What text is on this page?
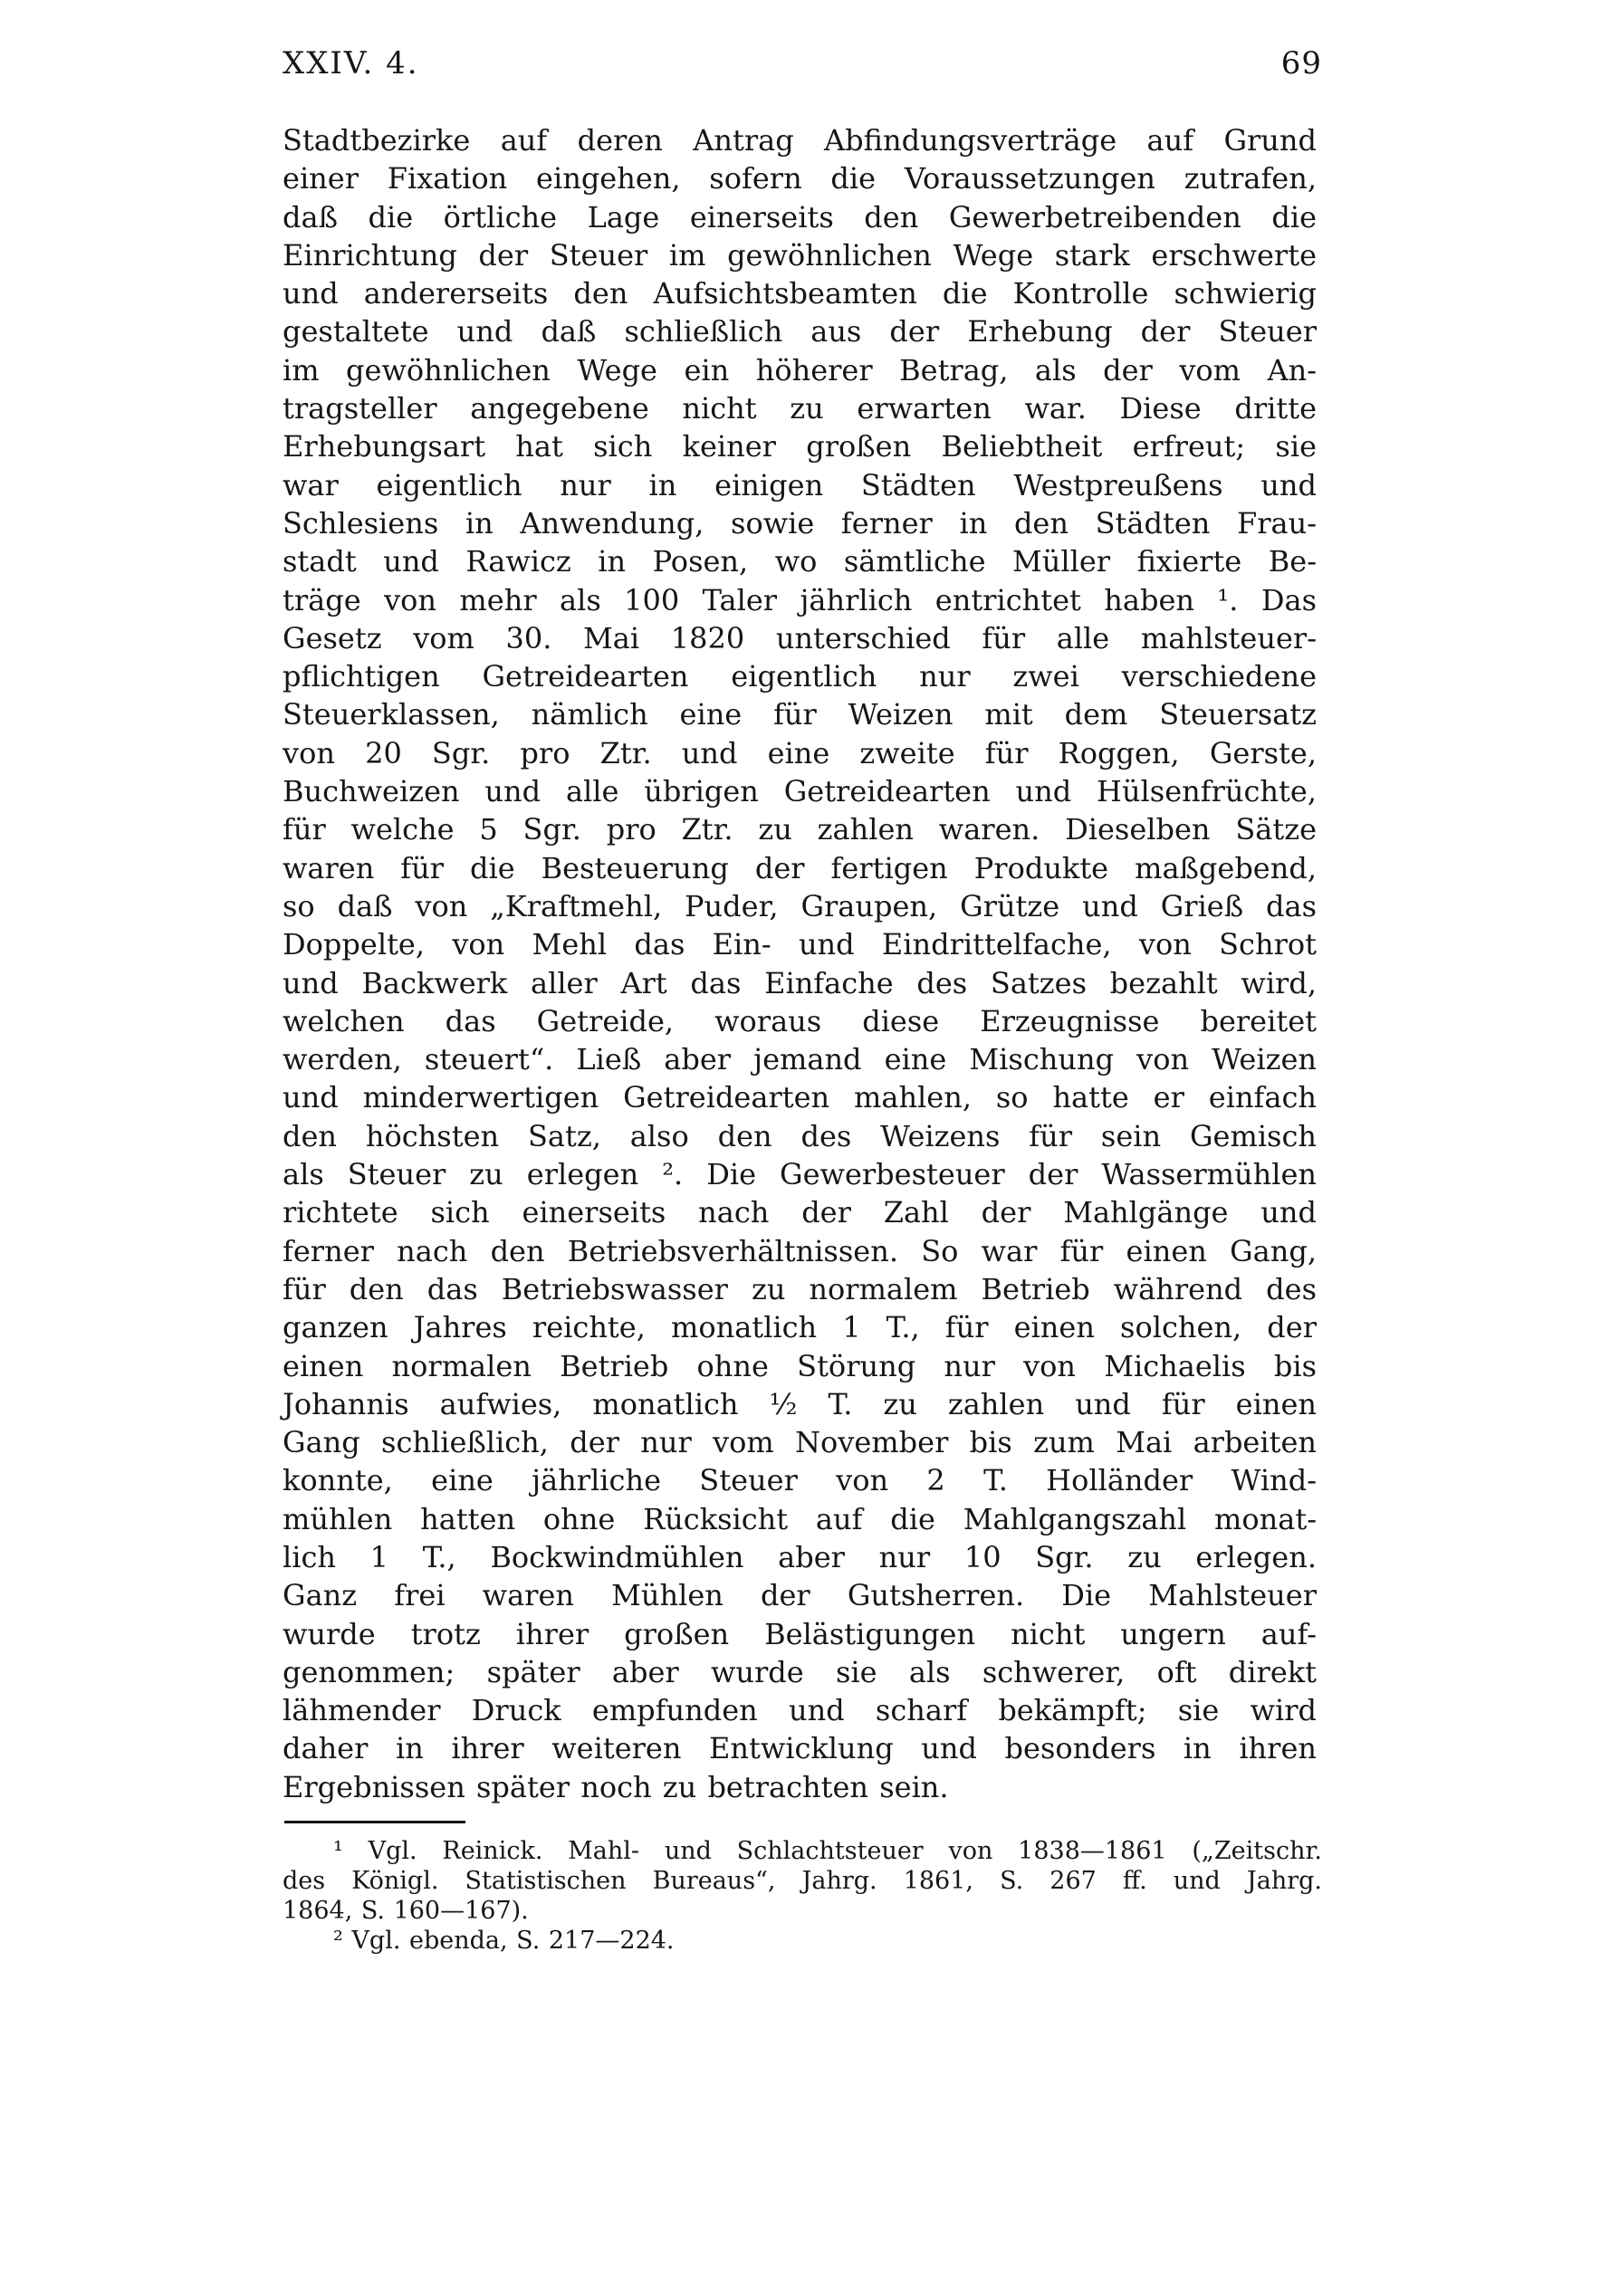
XXIV. 4.	69
Stadtbezirke auf deren Antrag Abfindungsverträge auf Grund
einer Fixation eingehen, sofern die Voraussetzungen zutrafen,
daß die örtliche Lage einerseits den Gewerbetreibenden die
Einrichtung der Steuer im gewöhnlichen Wege stark erschwerte
und andererseits den Aufsichtsbeamten die Kontrolle schwierig
gestaltete und daß schließlich aus der Erhebung der Steuer
im gewöhnlichen Wege ein höherer Betrag, als der vom An-
tragsteller angegebene nicht zu erwarten war. Diese dritte
Erhebungsart hat sich keiner großen Beliebtheit erfreut; sie
war eigentlich nur in einigen Städten Westpreußens und
Schlesiens in Anwendung, sowie ferner in den Städten Frau-
stadt und Rawicz in Posen, wo sämtliche Müller fixierte Be-
träge von mehr als 100 Taler jährlich entrichtet haben ¹. Das
Gesetz vom 30. Mai 1820 unterschied für alle mahlsteuer-
pflichtigen Getreidearten eigentlich nur zwei verschiedene
Steuerklassen, nämlich eine für Weizen mit dem Steuersatz
von 20 Sgr. pro Ztr. und eine zweite für Roggen, Gerste,
Buchweizen und alle übrigen Getreidearten und Hülsenfrüchte,
für welche 5 Sgr. pro Ztr. zu zahlen waren. Dieselben Sätze
waren für die Besteuerung der fertigen Produkte maßgebend,
so daß von „Kraftmehl, Puder, Graupen, Grütze und Grieß das
Doppelte, von Mehl das Ein- und Eindrittelfache, von Schrot
und Backwerk aller Art das Einfache des Satzes bezahlt wird,
welchen das Getreide, woraus diese Erzeugnisse bereitet
werden, steuert“. Ließ aber jemand eine Mischung von Weizen
und minderwertigen Getreidearten mahlen, so hatte er einfach
den höchsten Satz, also den des Weizens für sein Gemisch
als Steuer zu erlegen ². Die Gewerbesteuer der Wassermühlen
richtete sich einerseits nach der Zahl der Mahlgänge und
ferner nach den Betriebsverhältnissen. So war für einen Gang,
für den das Betriebswasser zu normalem Betrieb während des
ganzen Jahres reichte, monatlich 1 T., für einen solchen, der
einen normalen Betrieb ohne Störung nur von Michaelis bis
Johannis aufwies, monatlich ½ T. zu zahlen und für einen
Gang schließlich, der nur vom November bis zum Mai arbeiten
konnte, eine jährliche Steuer von 2 T. Holländer Wind-
mühlen hatten ohne Rücksicht auf die Mahlgangszahl monat-
lich 1 T., Bockwindmühlen aber nur 10 Sgr. zu erlegen.
Ganz frei waren Mühlen der Gutsherren. Die Mahlsteuer
wurde trotz ihrer großen Belästigungen nicht ungern auf-
genommen; später aber wurde sie als schwerer, oft direkt
lähmender Druck empfunden und scharf bekämpft; sie wird
daher in ihrer weiteren Entwicklung und besonders in ihren
Ergebnissen später noch zu betrachten sein.
¹ Vgl. Reinick. Mahl- und Schlachtsteuer von 1838—1861 („Zeitschr.
des Königl. Statistischen Bureaus“, Jahrg. 1861, S. 267 ff. und Jahrg.
1864, S. 160—167).
² Vgl. ebenda, S. 217—224.
